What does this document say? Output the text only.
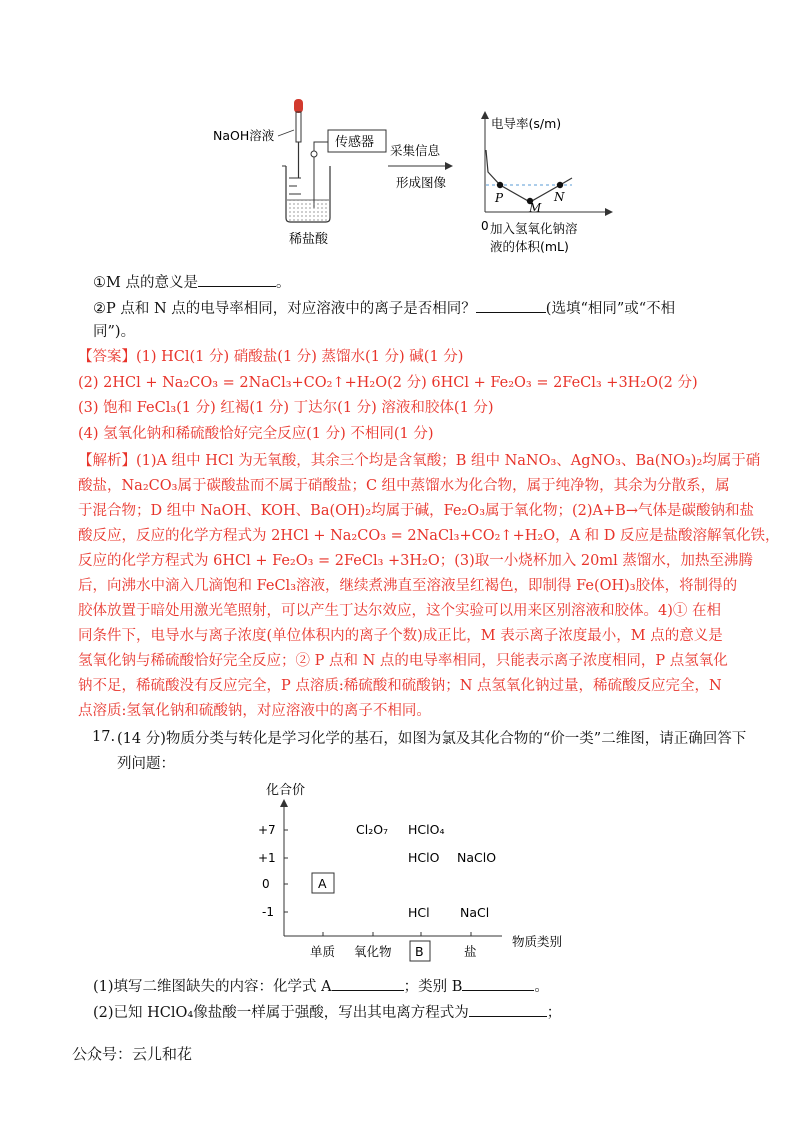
NaOH溶液	传感器
稀盐酸
采集信息
形成图像
电导率(s/m)
0
P
M
N
加入氢氧化钠溶
液的体积(mL)
①M 点的意义是	。
②P 点和 N 点的电导率相同，对应溶液中的离子是否相同？	(选填“相同”或“不相
同”)。
【答案】(1) HCl(1 分) 硝酸盐(1 分) 蒸馏水(1 分) 碱(1 分)
(2) 2HCl + Na₂CO₃ = 2NaCl₃+CO₂↑+H₂O(2 分) 6HCl + Fe₂O₃ = 2FeCl₃ +3H₂O(2 分)
(3) 饱和 FeCl₃(1 分) 红褐(1 分) 丁达尔(1 分) 溶液和胶体(1 分)
(4) 氢氧化钠和稀硫酸恰好完全反应(1 分) 不相同(1 分)
【解析】(1)A 组中 HCl 为无氧酸，其余三个均是含氧酸；B 组中 NaNO₃、AgNO₃、Ba(NO₃)₂均属于硝
酸盐，Na₂CO₃属于碳酸盐而不属于硝酸盐；C 组中蒸馏水为化合物，属于纯净物，其余为分散系，属
于混合物；D 组中 NaOH、KOH、Ba(OH)₂均属于碱，Fe₂O₃属于氧化物；(2)A+B→气体是碳酸钠和盐
酸反应，反应的化学方程式为 2HCl + Na₂CO₃ = 2NaCl₃+CO₂↑+H₂O，A 和 D 反应是盐酸溶解氧化铁，
反应的化学方程式为 6HCl + Fe₂O₃ = 2FeCl₃ +3H₂O；(3)取一小烧杯加入 20ml 蒸馏水，加热至沸腾
后，向沸水中滴入几滴饱和 FeCl₃溶液，继续煮沸直至溶液呈红褐色，即制得 Fe(OH)₃胶体，将制得的
胶体放置于暗处用激光笔照射，可以产生丁达尔效应，这个实验可以用来区别溶液和胶体。4)① 在相
同条件下，电导水与离子浓度(单位体积内的离子个数)成正比，M 表示离子浓度最小，M 点的意义是
氢氧化钠与稀硫酸恰好完全反应；② P 点和 N 点的电导率相同，只能表示离子浓度相同，P 点氢氧化
钠不足，稀硫酸没有反应完全，P 点溶质:稀硫酸和硫酸钠；N 点氢氧化钠过量，稀硫酸反应完全，N
点溶质:氢氧化钠和硫酸钠，对应溶液中的离子不相同。
17. (14 分)物质分类与转化是学习化学的基石，如图为氯及其化合物的“价一类”二维图，请正确回答下
列问题：
化合价
+7
+1
0
-1
单质 氧化物 B	盐
物质类别
A
Cl₂O₇ HClO₄
HClO NaClO
HCl NaCl
(1)填写二维图缺失的内容：化学式 A	；类别 B	。
(2)已知 HClO₄像盐酸一样属于强酸，写出其电离方程式为	；
公众号：云儿和花
